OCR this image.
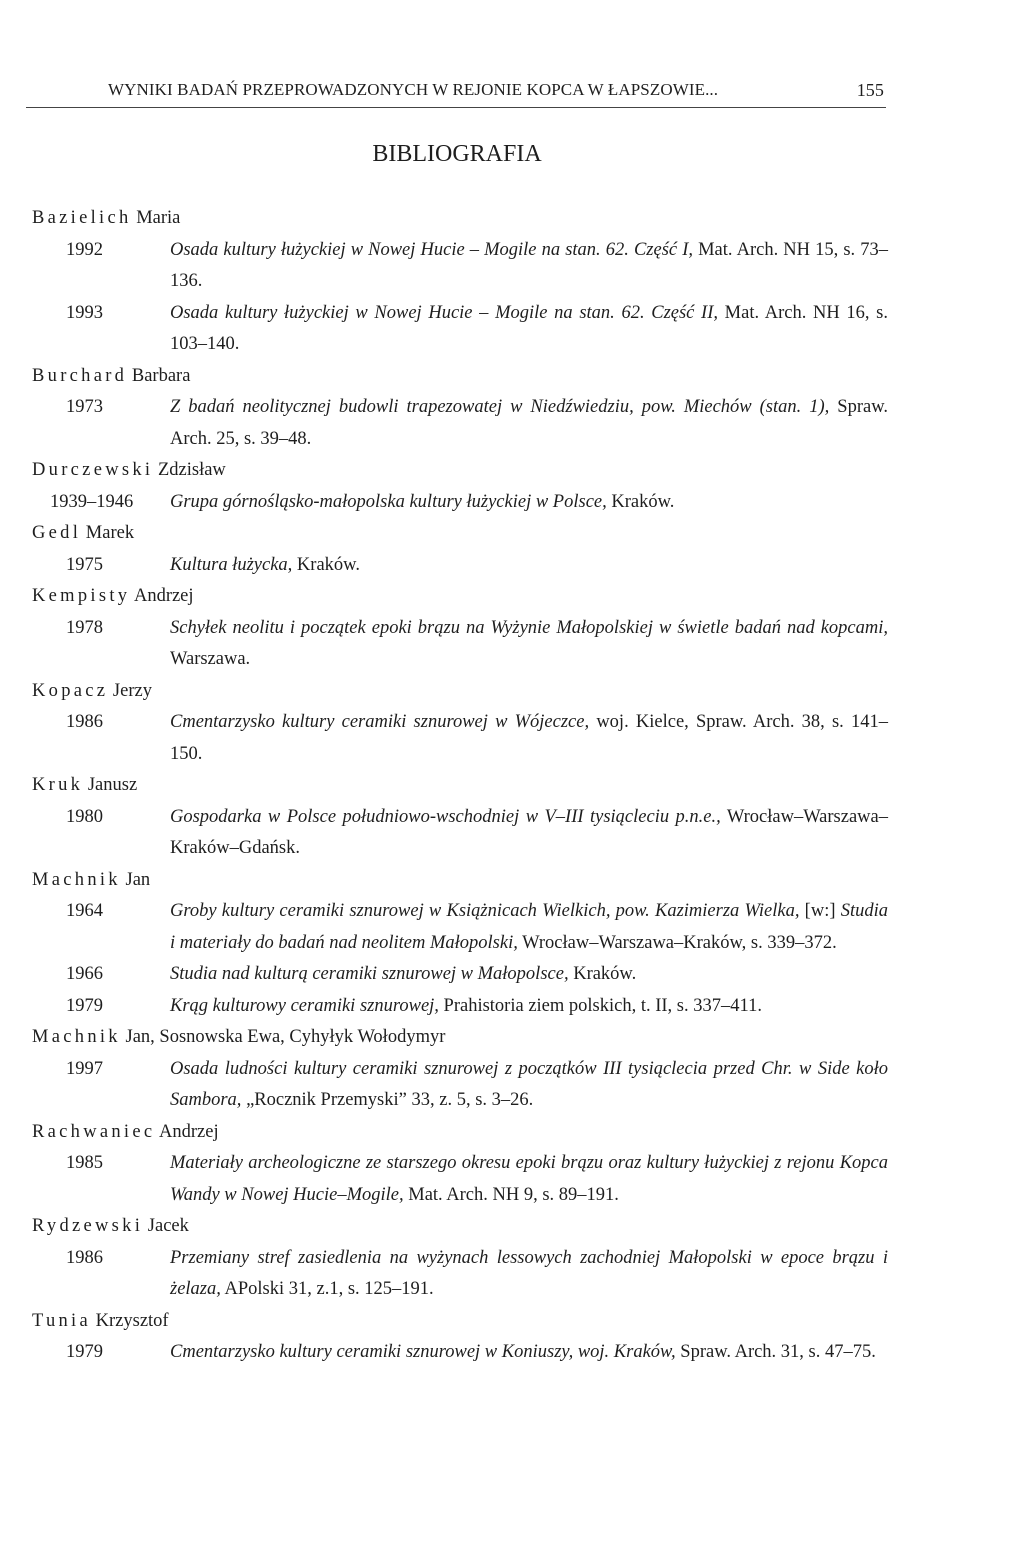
WYNIKI BADAŃ PRZEPROWADZONYCH W REJONIE KOPCA W ŁAPSZOWIE...	155
BIBLIOGRAFIA
Bazielich Maria
1992	Osada kultury łużyckiej w Nowej Hucie – Mogile na stan. 62. Część I, Mat. Arch. NH 15, s. 73–136.
1993	Osada kultury łużyckiej w Nowej Hucie – Mogile na stan. 62. Część II, Mat. Arch. NH 16, s. 103–140.
Burchard Barbara
1973	Z badań neolitycznej budowli trapezowatej w Niedźwiedziu, pow. Miechów (stan. 1), Spraw. Arch. 25, s. 39–48.
Durczewski Zdzisław
1939–1946 Grupa górnośląsko-małopolska kultury łużyckiej w Polsce, Kraków.
Gedl Marek
1975	Kultura łużycka, Kraków.
Kempisty Andrzej
1978	Schyłek neolitu i początek epoki brązu na Wyżynie Małopolskiej w świetle badań nad kopcami, Warszawa.
Kopacz Jerzy
1986	Cmentarzysko kultury ceramiki sznurowej w Wójeczce, woj. Kielce, Spraw. Arch. 38, s. 141–150.
Kruk Janusz
1980	Gospodarka w Polsce południowo-wschodniej w V–III tysiącleciu p.n.e., Wrocław–Warszawa–Kraków–Gdańsk.
Machnik Jan
1964	Groby kultury ceramiki sznurowej w Książnicach Wielkich, pow. Kazimierza Wielka, [w:] Studia i materiały do badań nad neolitem Małopolski, Wrocław–Warszawa–Kraków, s. 339–372.
1966	Studia nad kulturą ceramiki sznurowej w Małopolsce, Kraków.
1979	Krąg kulturowy ceramiki sznurowej, Prahistoria ziem polskich, t. II, s. 337–411.
Machnik Jan, Sosnowska Ewa, Cyhyłyk Wołodymyr
1997	Osada ludności kultury ceramiki sznurowej z początków III tysiąclecia przed Chr. w Side koło Sambora, „Rocznik Przemyski” 33, z. 5, s. 3–26.
Rachwaniec Andrzej
1985	Materiały archeologiczne ze starszego okresu epoki brązu oraz kultury łużyckiej z rejonu Kopca Wandy w Nowej Hucie–Mogile, Mat. Arch. NH 9, s. 89–191.
Rydzewski Jacek
1986	Przemiany stref zasiedlenia na wyżynach lessowych zachodniej Małopolski w epoce brązu i żelaza, APolski 31, z.1, s. 125–191.
Tunia Krzysztof
1979	Cmentarzysko kultury ceramiki sznurowej w Koniuszy, woj. Kraków, Spraw. Arch. 31, s. 47–75.
